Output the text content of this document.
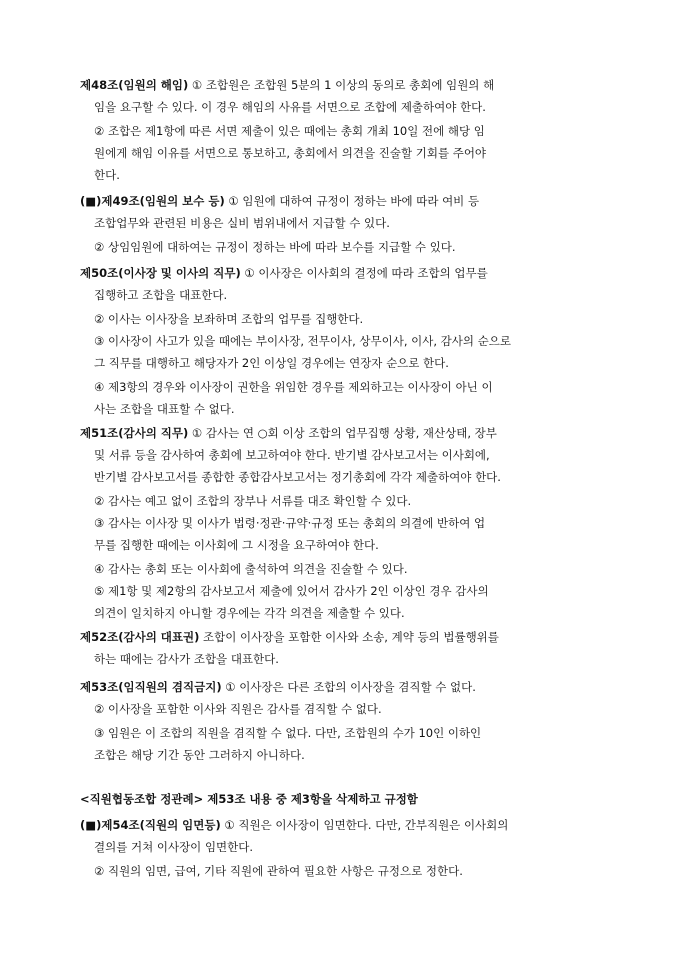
제48조(임원의 해임) ① 조합원은 조합원 5분의 1 이상의 동의로 총회에 임원의 해
임을 요구할 수 있다. 이 경우 해임의 사유를 서면으로 조합에 제출하여야 한다.
② 조합은 제1항에 따른 서면 제출이 있은 때에는 총회 개최 10일 전에 해당 임
원에게 해임 이유를 서면으로 통보하고, 총회에서 의견을 진술할 기회를 주어야
한다.
(■)제49조(임원의 보수 등) ① 임원에 대하여 규정이 정하는 바에 따라 여비 등
조합업무와 관련된 비용은 실비 범위내에서 지급할 수 있다.
② 상임임원에 대하여는 규정이 정하는 바에 따라 보수를 지급할 수 있다.
제50조(이사장 및 이사의 직무) ① 이사장은 이사회의 결정에 따라 조합의 업무를
집행하고 조합을 대표한다.
② 이사는 이사장을 보좌하며 조합의 업무를 집행한다.
③ 이사장이 사고가 있을 때에는 부이사장, 전무이사, 상무이사, 이사, 감사의 순으로
그 직무를 대행하고 해당자가 2인 이상일 경우에는 연장자 순으로 한다.
④ 제3항의 경우와 이사장이 권한을 위임한 경우를 제외하고는 이사장이 아닌 이
사는 조합을 대표할 수 없다.
제51조(감사의 직무) ① 감사는 연 ○회 이상 조합의 업무집행 상황, 재산상태, 장부
및 서류 등을 감사하여 총회에 보고하여야 한다. 반기별 감사보고서는 이사회에,
반기별 감사보고서를 종합한 종합감사보고서는 정기총회에 각각 제출하여야 한다.
② 감사는 예고 없이 조합의 장부나 서류를 대조 확인할 수 있다.
③ 감사는 이사장 및 이사가 법령·정관·규약·규정 또는 총회의 의결에 반하여 업
무를 집행한 때에는 이사회에 그 시정을 요구하여야 한다.
④ 감사는 총회 또는 이사회에 출석하여 의견을 진술할 수 있다.
⑤ 제1항 및 제2항의 감사보고서 제출에 있어서 감사가 2인 이상인 경우 감사의
의견이 일치하지 아니할 경우에는 각각 의견을 제출할 수 있다.
제52조(감사의 대표권) 조합이 이사장을 포함한 이사와 소송, 계약 등의 법률행위를
하는 때에는 감사가 조합을 대표한다.
제53조(임직원의 겸직금지) ① 이사장은 다른 조합의 이사장을 겸직할 수 없다.
② 이사장을 포함한 이사와 직원은 감사를 겸직할 수 없다.
③ 임원은 이 조합의 직원을 겸직할 수 없다. 다만, 조합원의 수가 10인 이하인
조합은 해당 기간 동안 그러하지 아니하다.
<직원협동조합 정관례> 제53조 내용 중 제3항을 삭제하고 규정함
(■)제54조(직원의 임면등) ① 직원은 이사장이 임면한다. 다만, 간부직원은 이사회의
결의를 거쳐 이사장이 임면한다.
② 직원의 임면, 급여, 기타 직원에 관하여 필요한 사항은 규정으로 정한다.
